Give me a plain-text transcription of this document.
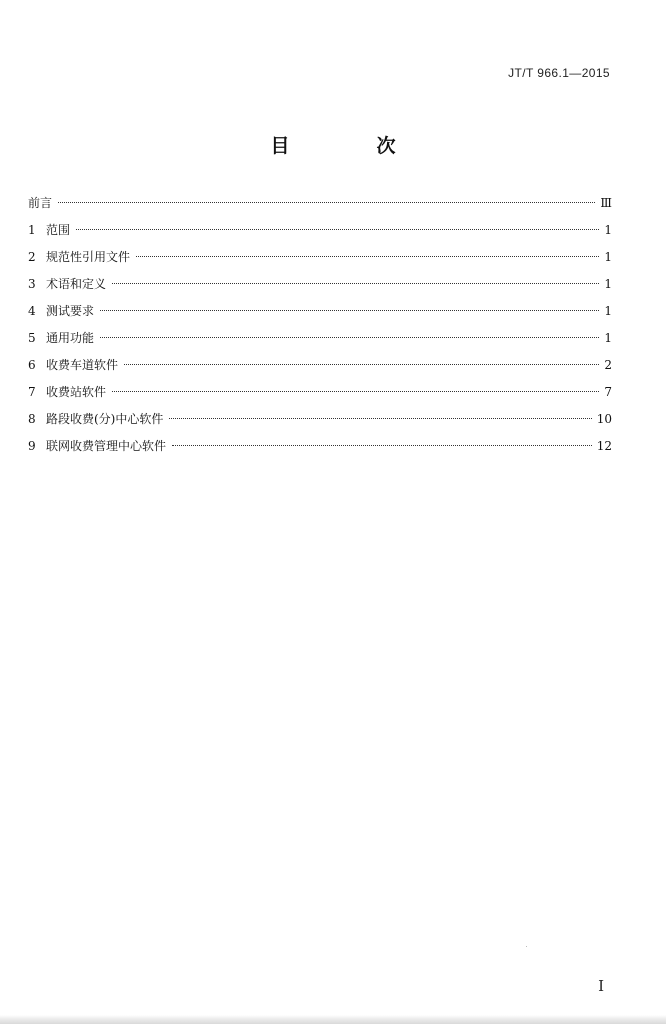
JT/T 966.1—2015
目　次
前言	Ⅲ
1 范围	1
2 规范性引用文件	1
3 术语和定义	1
4 测试要求	1
5 通用功能	1
6 收费车道软件	2
7 收费站软件	7
8 路段收费(分)中心软件	10
9 联网收费管理中心软件	12
I
